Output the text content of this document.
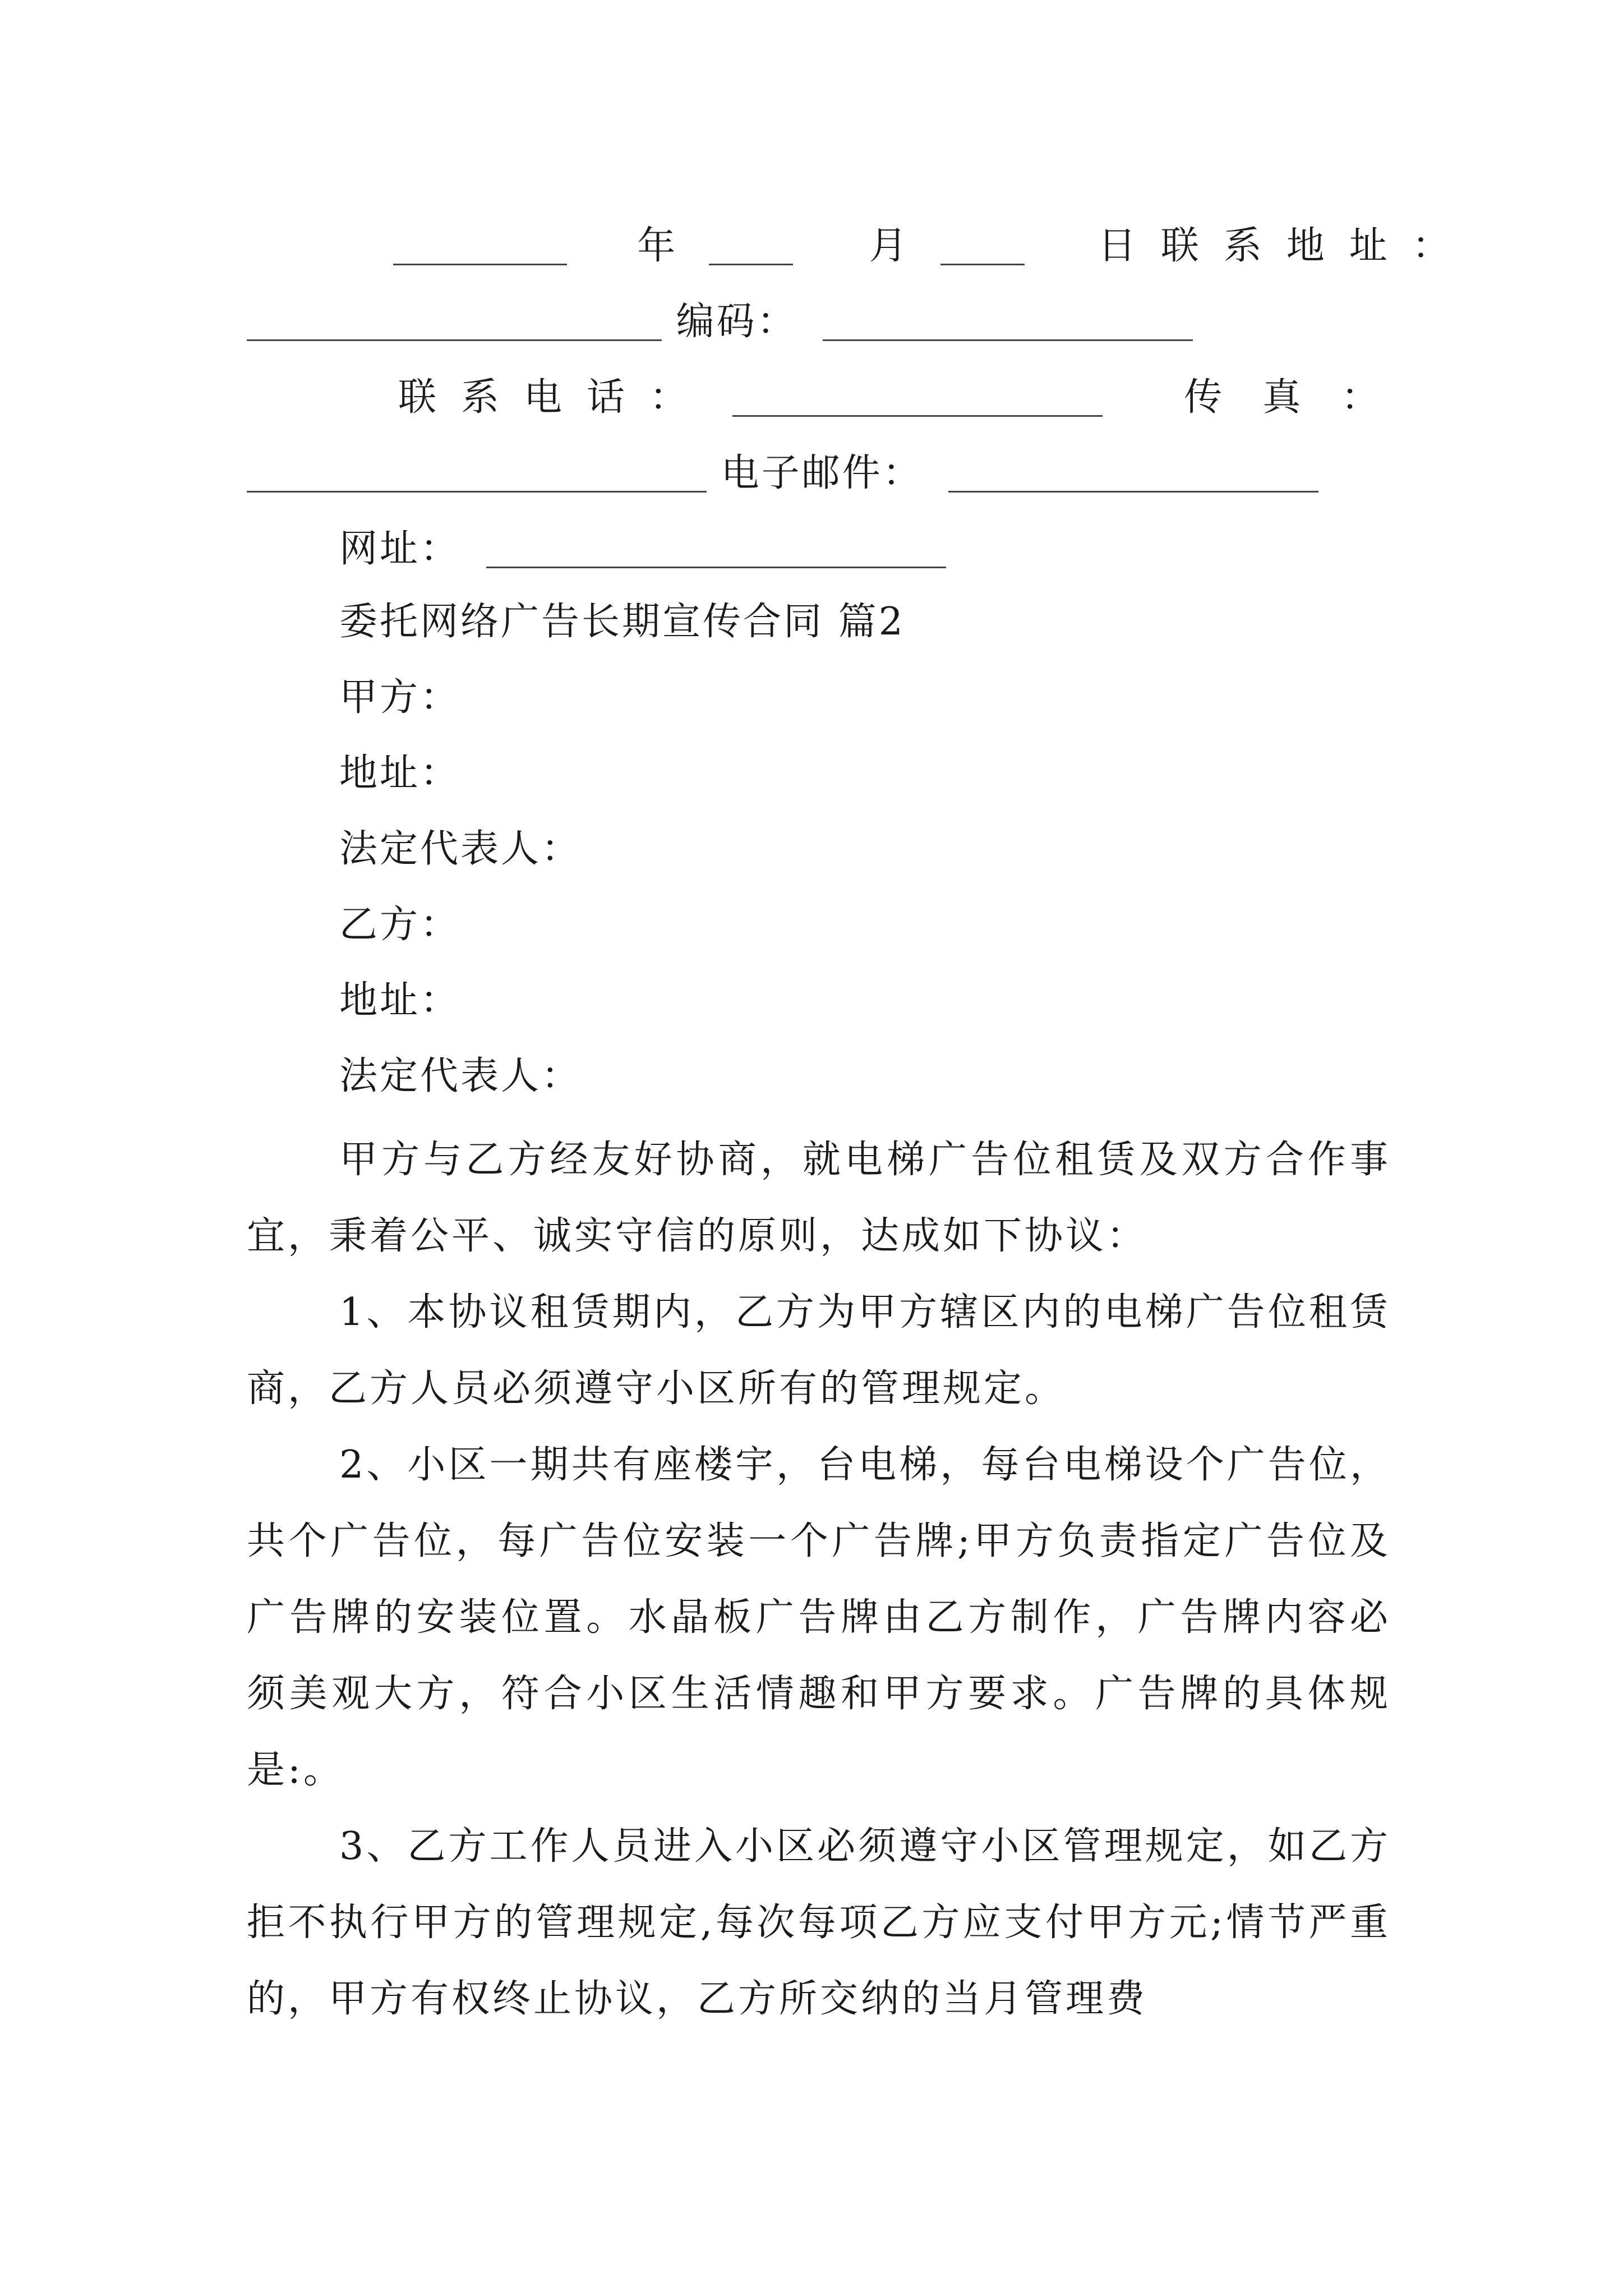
年	月	日联系地址：
编码：
联系电话：	传真：
电子邮件：
网址：
委托网络广告长期宣传合同 篇2
甲方：
地址：
法定代表人：
乙方：
地址：
法定代表人：

甲方与乙方经友好协商，就电梯广告位租赁及双方合作事宜，秉着公平、诚实守信的原则，达成如下协议：

1、本协议租赁期内，乙方为甲方辖区内的电梯广告位租赁商，乙方人员必须遵守小区所有的管理规定。

2、小区一期共有座楼宇，台电梯，每台电梯设个广告位，共个广告位，每广告位安装一个广告牌;甲方负责指定广告位及广告牌的安装位置。水晶板广告牌由乙方制作，广告牌内容必须美观大方，符合小区生活情趣和甲方要求。广告牌的具体规是:。

3、乙方工作人员进入小区必须遵守小区管理规定，如乙方拒不执行甲方的管理规定,每次每项乙方应支付甲方元;情节严重的，甲方有权终止协议，乙方所交纳的当月管理费
